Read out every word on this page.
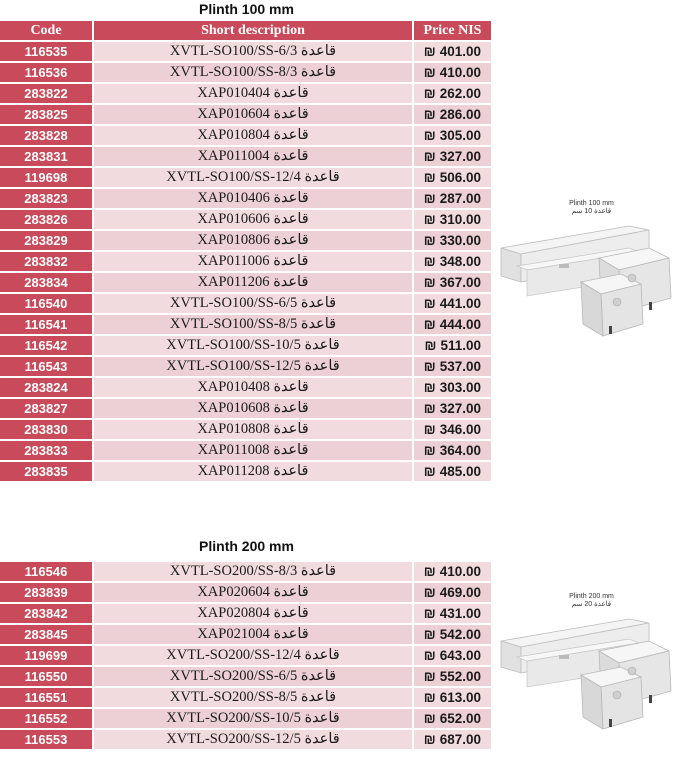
Plinth 100 mm
Code	Short description	Price NIS
116535	XVTL-SO100/SS-6/3 قاعدة	₪ 401.00
116536	XVTL-SO100/SS-8/3 قاعدة	₪ 410.00
283822	XAP010404 قاعدة	₪ 262.00
283825	XAP010604 قاعدة	₪ 286.00
283828	XAP010804 قاعدة	₪ 305.00
283831	XAP011004 قاعدة	₪ 327.00
119698	XVTL-SO100/SS-12/4 قاعدة	₪ 506.00
283823	XAP010406 قاعدة	₪ 287.00
283826	XAP010606 قاعدة	₪ 310.00
283829	XAP010806 قاعدة	₪ 330.00
283832	XAP011006 قاعدة	₪ 348.00
283834	XAP011206 قاعدة	₪ 367.00
116540	XVTL-SO100/SS-6/5 قاعدة	₪ 441.00
116541	XVTL-SO100/SS-8/5 قاعدة	₪ 444.00
116542	XVTL-SO100/SS-10/5 قاعدة	₪ 511.00
116543	XVTL-SO100/SS-12/5 قاعدة	₪ 537.00
283824	XAP010408 قاعدة	₪ 303.00
283827	XAP010608 قاعدة	₪ 327.00
283830	XAP010808 قاعدة	₪ 346.00
283833	XAP011008 قاعدة	₪ 364.00
283835	XAP011208 قاعدة	₪ 485.00
Plinth 100 mm
قاعدة 10 سم
Plinth 200 mm
116546	XVTL-SO200/SS-8/3 قاعدة	₪ 410.00
283839	XAP020604 قاعدة	₪ 469.00
283842	XAP020804 قاعدة	₪ 431.00
283845	XAP021004 قاعدة	₪ 542.00
119699	XVTL-SO200/SS-12/4 قاعدة	₪ 643.00
116550	XVTL-SO200/SS-6/5 قاعدة	₪ 552.00
116551	XVTL-SO200/SS-8/5 قاعدة	₪ 613.00
116552	XVTL-SO200/SS-10/5 قاعدة	₪ 652.00
116553	XVTL-SO200/SS-12/5 قاعدة	₪ 687.00
Plinth 200 mm
قاعدة 20 سم
